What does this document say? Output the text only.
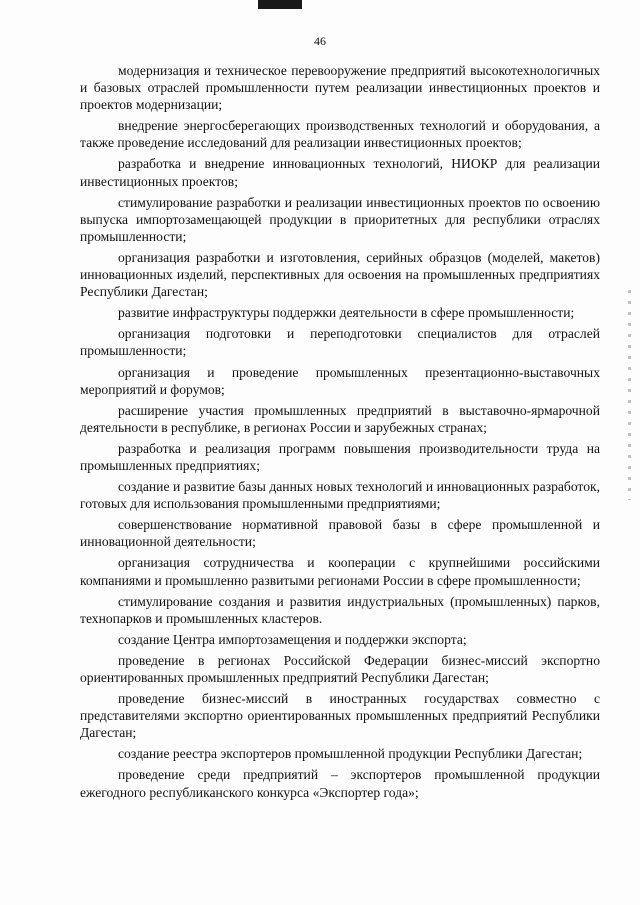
46

модернизация и техническое перевооружение предприятий высокотехнологичных и базовых отраслей промышленности путем реализации инвестиционных проектов и проектов модернизации;

внедрение энергосберегающих производственных технологий и оборудования, а также проведение исследований для реализации инвестиционных проектов;

разработка и внедрение инновационных технологий, НИОКР для реализации инвестиционных проектов;

стимулирование разработки и реализации инвестиционных проектов по освоению выпуска импортозамещающей продукции в приоритетных для республики отраслях промышленности;

организация разработки и изготовления, серийных образцов (моделей, макетов) инновационных изделий, перспективных для освоения на промышленных предприятиях Республики Дагестан;

развитие инфраструктуры поддержки деятельности в сфере промышленности;

организация подготовки и переподготовки специалистов для отраслей промышленности;

организация и проведение промышленных презентационно-выставочных мероприятий и форумов;

расширение участия промышленных предприятий в выставочно-ярмарочной деятельности в республике, в регионах России и зарубежных странах;

разработка и реализация программ повышения производительности труда на промышленных предприятиях;

создание и развитие базы данных новых технологий и инновационных разработок, готовых для использования промышленными предприятиями;

совершенствование нормативной правовой базы в сфере промышленной и инновационной деятельности;

организация сотрудничества и кооперации с крупнейшими российскими компаниями и промышленно развитыми регионами России в сфере промышленности;

стимулирование создания и развития индустриальных (промышленных) парков, технопарков и промышленных кластеров.

создание Центра импортозамещения и поддержки экспорта;

проведение в регионах Российской Федерации бизнес-миссий экспортно ориентированных промышленных предприятий Республики Дагестан;

проведение бизнес-миссий в иностранных государствах совместно с представителями экспортно ориентированных промышленных предприятий Республики Дагестан;

создание реестра экспортеров промышленной продукции Республики Дагестан;

проведение среди предприятий – экспортеров промышленной продукции ежегодного республиканского конкурса «Экспортер года»;
